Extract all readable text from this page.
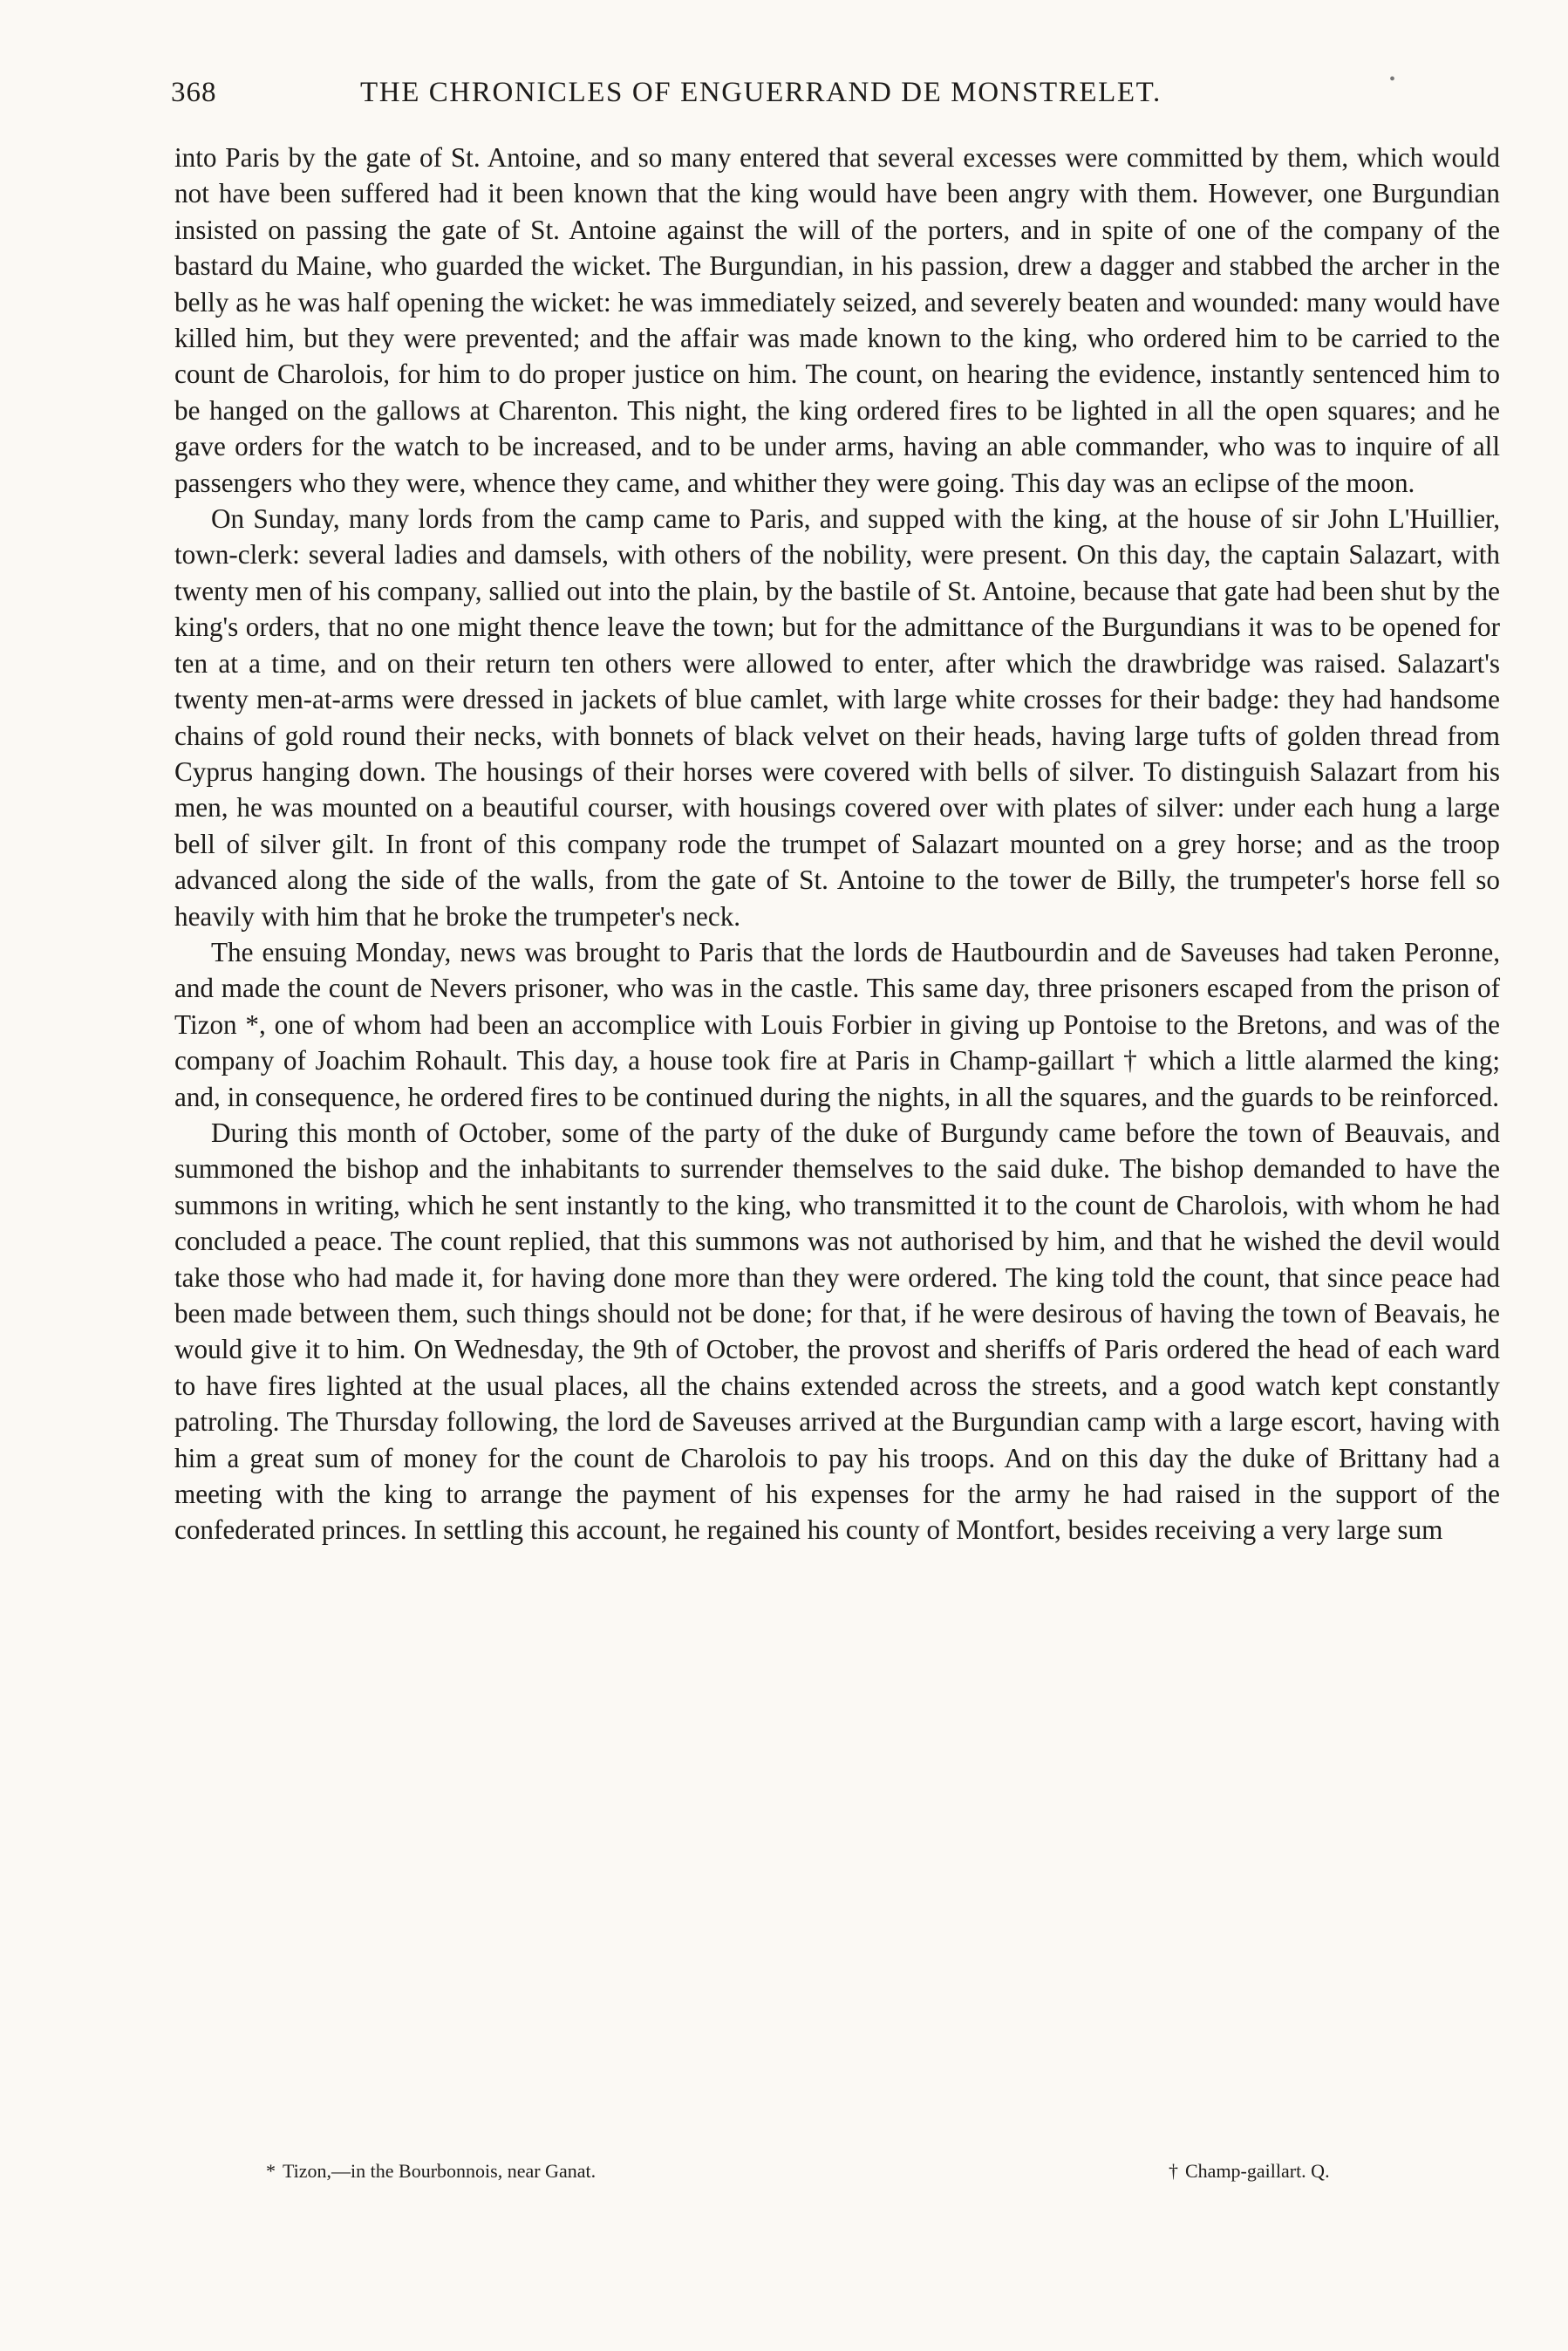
368	THE CHRONICLES OF ENGUERRAND DE MONSTRELET.	•

into Paris by the gate of St. Antoine, and so many entered that several excesses were committed by them, which would not have been suffered had it been known that the king would have been angry with them. However, one Burgundian insisted on passing the gate of St. Antoine against the will of the porters, and in spite of one of the company of the bastard du Maine, who guarded the wicket. The Burgundian, in his passion, drew a dagger and stabbed the archer in the belly as he was half opening the wicket: he was immediately seized, and severely beaten and wounded: many would have killed him, but they were prevented; and the affair was made known to the king, who ordered him to be carried to the count de Charolois, for him to do proper justice on him. The count, on hearing the evidence, instantly sentenced him to be hanged on the gallows at Charenton. This night, the king ordered fires to be lighted in all the open squares; and he gave orders for the watch to be increased, and to be under arms, having an able commander, who was to inquire of all passengers who they were, whence they came, and whither they were going. This day was an eclipse of the moon.

On Sunday, many lords from the camp came to Paris, and supped with the king, at the house of sir John L'Huillier, town-clerk: several ladies and damsels, with others of the nobility, were present. On this day, the captain Salazart, with twenty men of his company, sallied out into the plain, by the bastile of St. Antoine, because that gate had been shut by the king's orders, that no one might thence leave the town; but for the admittance of the Burgundians it was to be opened for ten at a time, and on their return ten others were allowed to enter, after which the drawbridge was raised. Salazart's twenty men-at-arms were dressed in jackets of blue camlet, with large white crosses for their badge: they had handsome chains of gold round their necks, with bonnets of black velvet on their heads, having large tufts of golden thread from Cyprus hanging down. The housings of their horses were covered with bells of silver. To distinguish Salazart from his men, he was mounted on a beautiful courser, with housings covered over with plates of silver: under each hung a large bell of silver gilt. In front of this company rode the trumpet of Salazart mounted on a grey horse; and as the troop advanced along the side of the walls, from the gate of St. Antoine to the tower de Billy, the trumpeter's horse fell so heavily with him that he broke the trumpeter's neck.

The ensuing Monday, news was brought to Paris that the lords de Hautbourdin and de Saveuses had taken Peronne, and made the count de Nevers prisoner, who was in the castle. This same day, three prisoners escaped from the prison of Tizon *, one of whom had been an accomplice with Louis Forbier in giving up Pontoise to the Bretons, and was of the company of Joachim Rohault. This day, a house took fire at Paris in Champ-gaillart † which a little alarmed the king; and, in consequence, he ordered fires to be continued during the nights, in all the squares, and the guards to be reinforced.

During this month of October, some of the party of the duke of Burgundy came before the town of Beauvais, and summoned the bishop and the inhabitants to surrender themselves to the said duke. The bishop demanded to have the summons in writing, which he sent instantly to the king, who transmitted it to the count de Charolois, with whom he had concluded a peace. The count replied, that this summons was not authorised by him, and that he wished the devil would take those who had made it, for having done more than they were ordered. The king told the count, that since peace had been made between them, such things should not be done; for that, if he were desirous of having the town of Beavais, he would give it to him. On Wednesday, the 9th of October, the provost and sheriffs of Paris ordered the head of each ward to have fires lighted at the usual places, all the chains extended across the streets, and a good watch kept constantly patroling. The Thursday following, the lord de Saveuses arrived at the Burgundian camp with a large escort, having with him a great sum of money for the count de Charolois to pay his troops. And on this day the duke of Brittany had a meeting with the king to arrange the payment of his expenses for the army he had raised in the support of the confederated princes. In settling this account, he regained his county of Montfort, besides receiving a very large sum

* Tizon,—in the Bourbonnois, near Ganat.	† Champ-gaillart. Q.
